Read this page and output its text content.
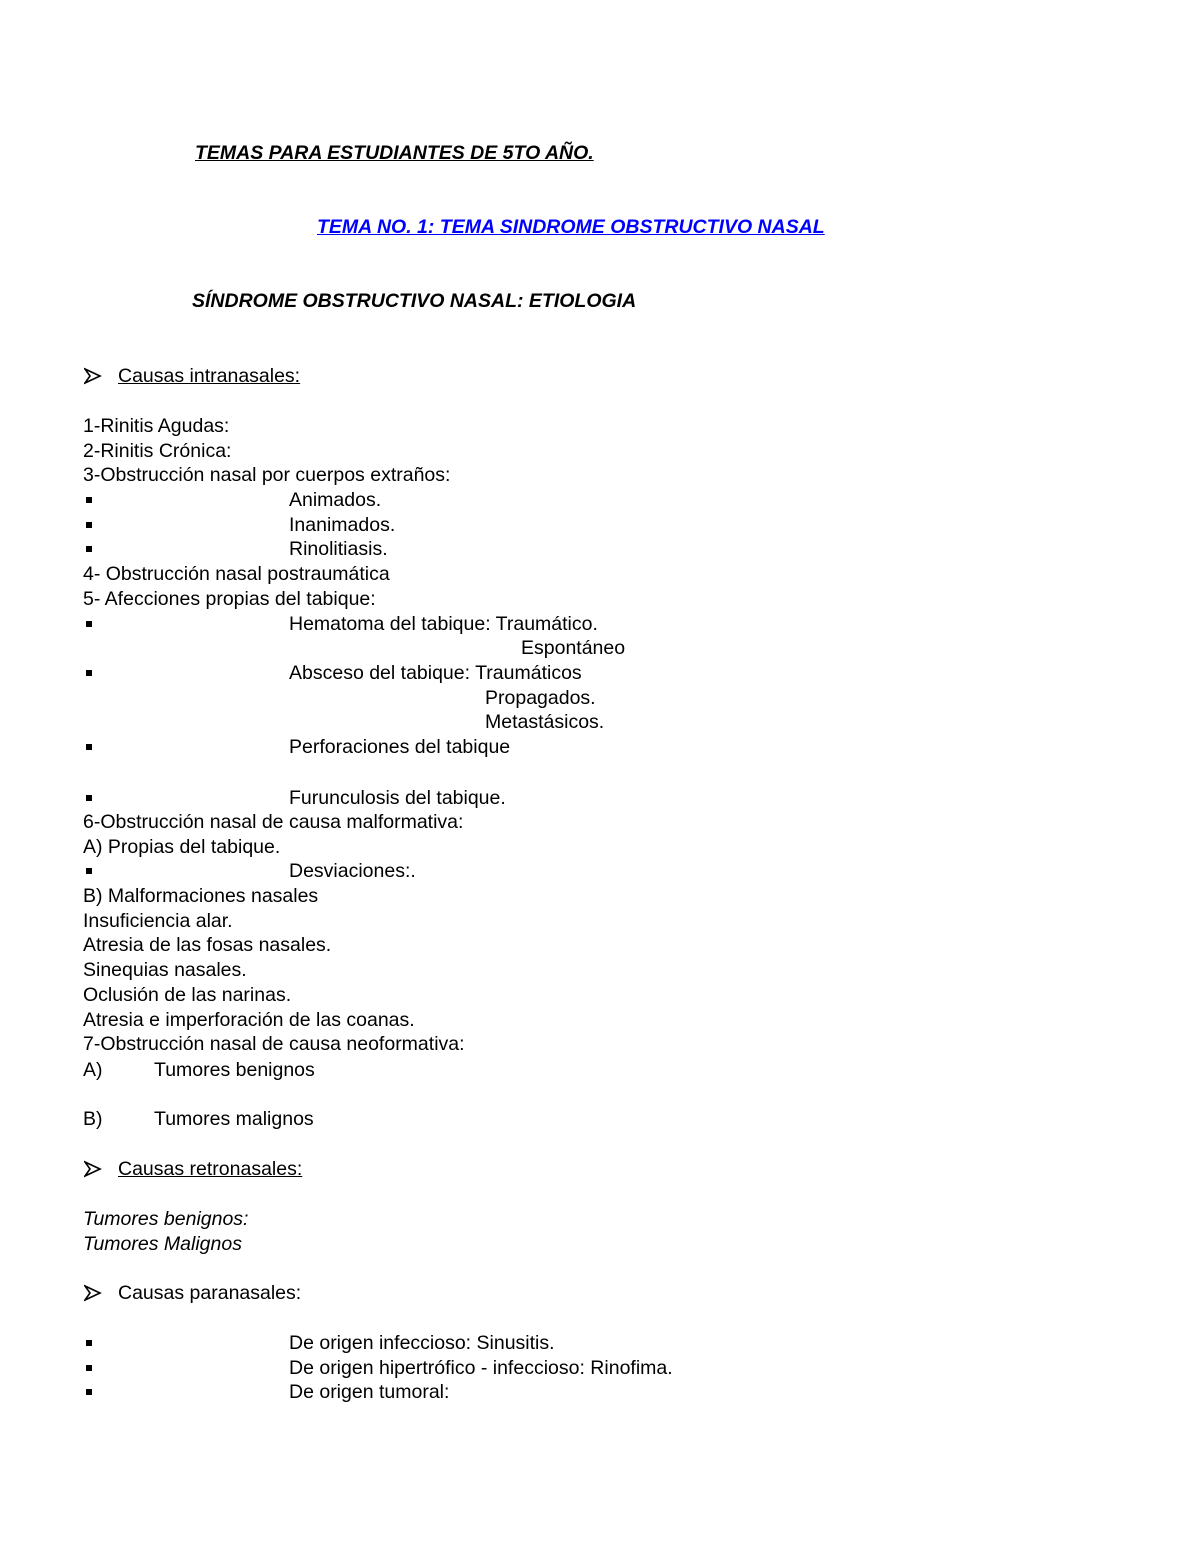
TEMAS PARA ESTUDIANTES DE 5TO AÑO.
TEMA NO. 1: TEMA SINDROME OBSTRUCTIVO NASAL
SÍNDROME OBSTRUCTIVO NASAL: ETIOLOGIA
Causas intranasales:
1-Rinitis Agudas:
2-Rinitis Crónica:
3-Obstrucción nasal por cuerpos extraños:
Animados.
Inanimados.
Rinolitiasis.
4- Obstrucción nasal postraumática
5- Afecciones propias del tabique:
Hematoma del tabique: Traumático.
Espontáneo
Absceso del tabique: Traumáticos
Propagados.
Metastásicos.
Perforaciones del tabique
Furunculosis del tabique.
6-Obstrucción nasal de causa malformativa:
A) Propias del tabique.
Desviaciones:.
B) Malformaciones nasales
Insuficiencia alar.
Atresia de las fosas nasales.
Sinequias nasales.
Oclusión de las narinas.
Atresia e imperforación de las coanas.
7-Obstrucción nasal de causa neoformativa:
A)	Tumores benignos
B)	Tumores malignos
Causas retronasales:
Tumores benignos:
Tumores Malignos
Causas paranasales:
De origen infeccioso: Sinusitis.
De origen hipertrófico - infeccioso: Rinofima.
De origen tumoral:
